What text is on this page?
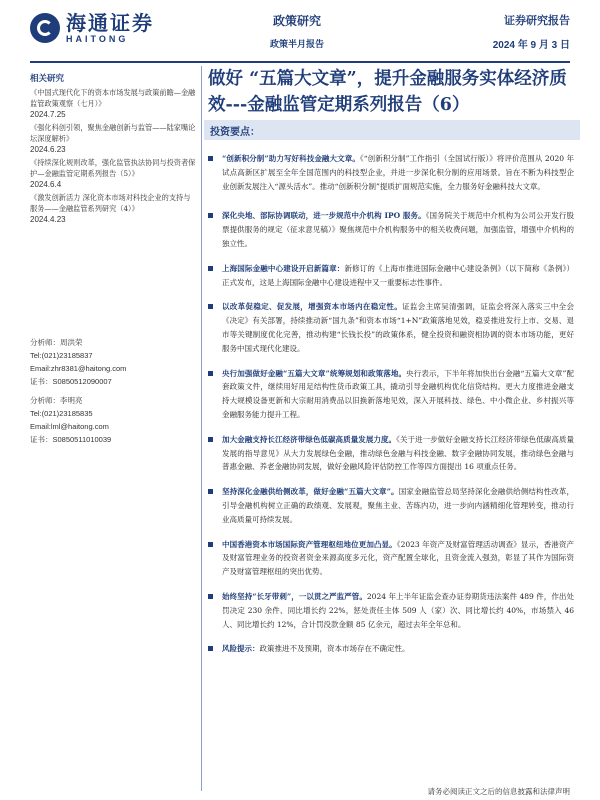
海通证券
HAITONG
政策研究
政策半月报告
证券研究报告
2024 年 9 月 3 日
相关研究
《中国式现代化下的资本市场发展与政策前瞻—金融监管政策观察（七月）》
2024.7.25
《强化科创引领，聚焦金融创新与监管——陆家嘴论坛深度解析》
2024.6.23
《持续深化规则改革，强化监管执法协同与投资者保护—金融监管定期系列报告（5）》
2024.6.4
《激发创新活力 深化资本市场对科技企业的支持与服务——金融监管系列研究（4）》
2024.4.23
分析师：周洪荣
Tel:(021)23185837
Email:zhr8381@haitong.com
证书：S0850512090007
分析师：李明亮
Tel:(021)23185835
Email:lml@haitong.com
证书：S0850511010039
做好 “五篇大文章”，提升金融服务实体经济质效---金融监管定期系列报告（6）
投资要点：
“创新积分制”助力写好科技金融大文章。《“创新积分制”工作指引（全国试行版）》将评价范围从 2020 年试点高新区扩展至全年全国范围内的科技型企业，并进一步深化积分制的应用场景。旨在不断为科技型企业创新发展注入“源头活水”。推动“创新积分制”提质扩面规范实施，全力服务好金融科技大文章。
深化央地、部际协调联动，进一步规范中介机构 IPO 服务。《国务院关于规范中介机构为公司公开发行股票提供服务的规定（征求意见稿）》聚焦规范中介机构服务中的相关收费问题，加强监管，增强中介机构的独立性。
上海国际金融中心建设开启新篇章：新修订的《上海市推进国际金融中心建设条例》（以下简称《条例》）正式发布，这是上海国际金融中心建设进程中又一重要标志性事件。
以改革促稳定、促发展，增强资本市场内在稳定性。证监会主席吴清强调，证监会将深入落实三中全会《决定》有关部署，持续推动新“国九条”和资本市场“1+N”政策落地见效，稳妥推进发行上市、交易、退市等关键制度优化完善，推动构建“长钱长投”的政策体系，健全投资和融资相协调的资本市场功能，更好服务中国式现代化建设。
央行加强做好金融“五篇大文章”统筹规划和政策落地。央行表示，下半年将加快出台金融“五篇大文章”配套政策文件，继续用好用足结构性货币政策工具，撬动引导金融机构优化信贷结构。更大力度推进金融支持大规模设备更新和大宗耐用消费品以旧换新落地见效，深入开展科技、绿色、中小微企业、乡村振兴等金融服务能力提升工程。
加大金融支持长江经济带绿色低碳高质量发展力度。《关于进一步做好金融支持长江经济带绿色低碳高质量发展的指导意见》从大力发展绿色金融，推动绿色金融与科技金融、数字金融协同发展，推动绿色金融与普惠金融、养老金融协同发展，做好金融风险评估防控工作等四方面提出 16 项重点任务。
坚持深化金融供给侧改革，做好金融“五篇大文章”。国家金融监管总局坚持深化金融供给侧结构性改革，引导金融机构树立正确的政绩观、发展观，聚焦主业、苦练内功，进一步向内涵精细化管理转变，推动行业高质量可持续发展。
中国香港资本市场国际资产管理枢纽地位更加凸显。《2023 年资产及财富管理活动调查》显示，香港资产及财富管理业务的投资者资金来源高度多元化，资产配置全球化，且资金流入强劲，彰显了其作为国际资产及财富管理枢纽的突出优势。
始终坚持“长牙带刺”，一以贯之严监严管。2024 年上半年证监会查办证券期货违法案件 489 件，作出处罚决定 230 余件、同比增长约 22%，惩处责任主体 509 人（家）次、同比增长约 40%，市场禁入 46 人、同比增长约 12%，合计罚没款金额 85 亿余元，超过去年全年总和。
风险提示：政策推进不及预期，资本市场存在不确定性。
请务必阅读正文之后的信息披露和法律声明
